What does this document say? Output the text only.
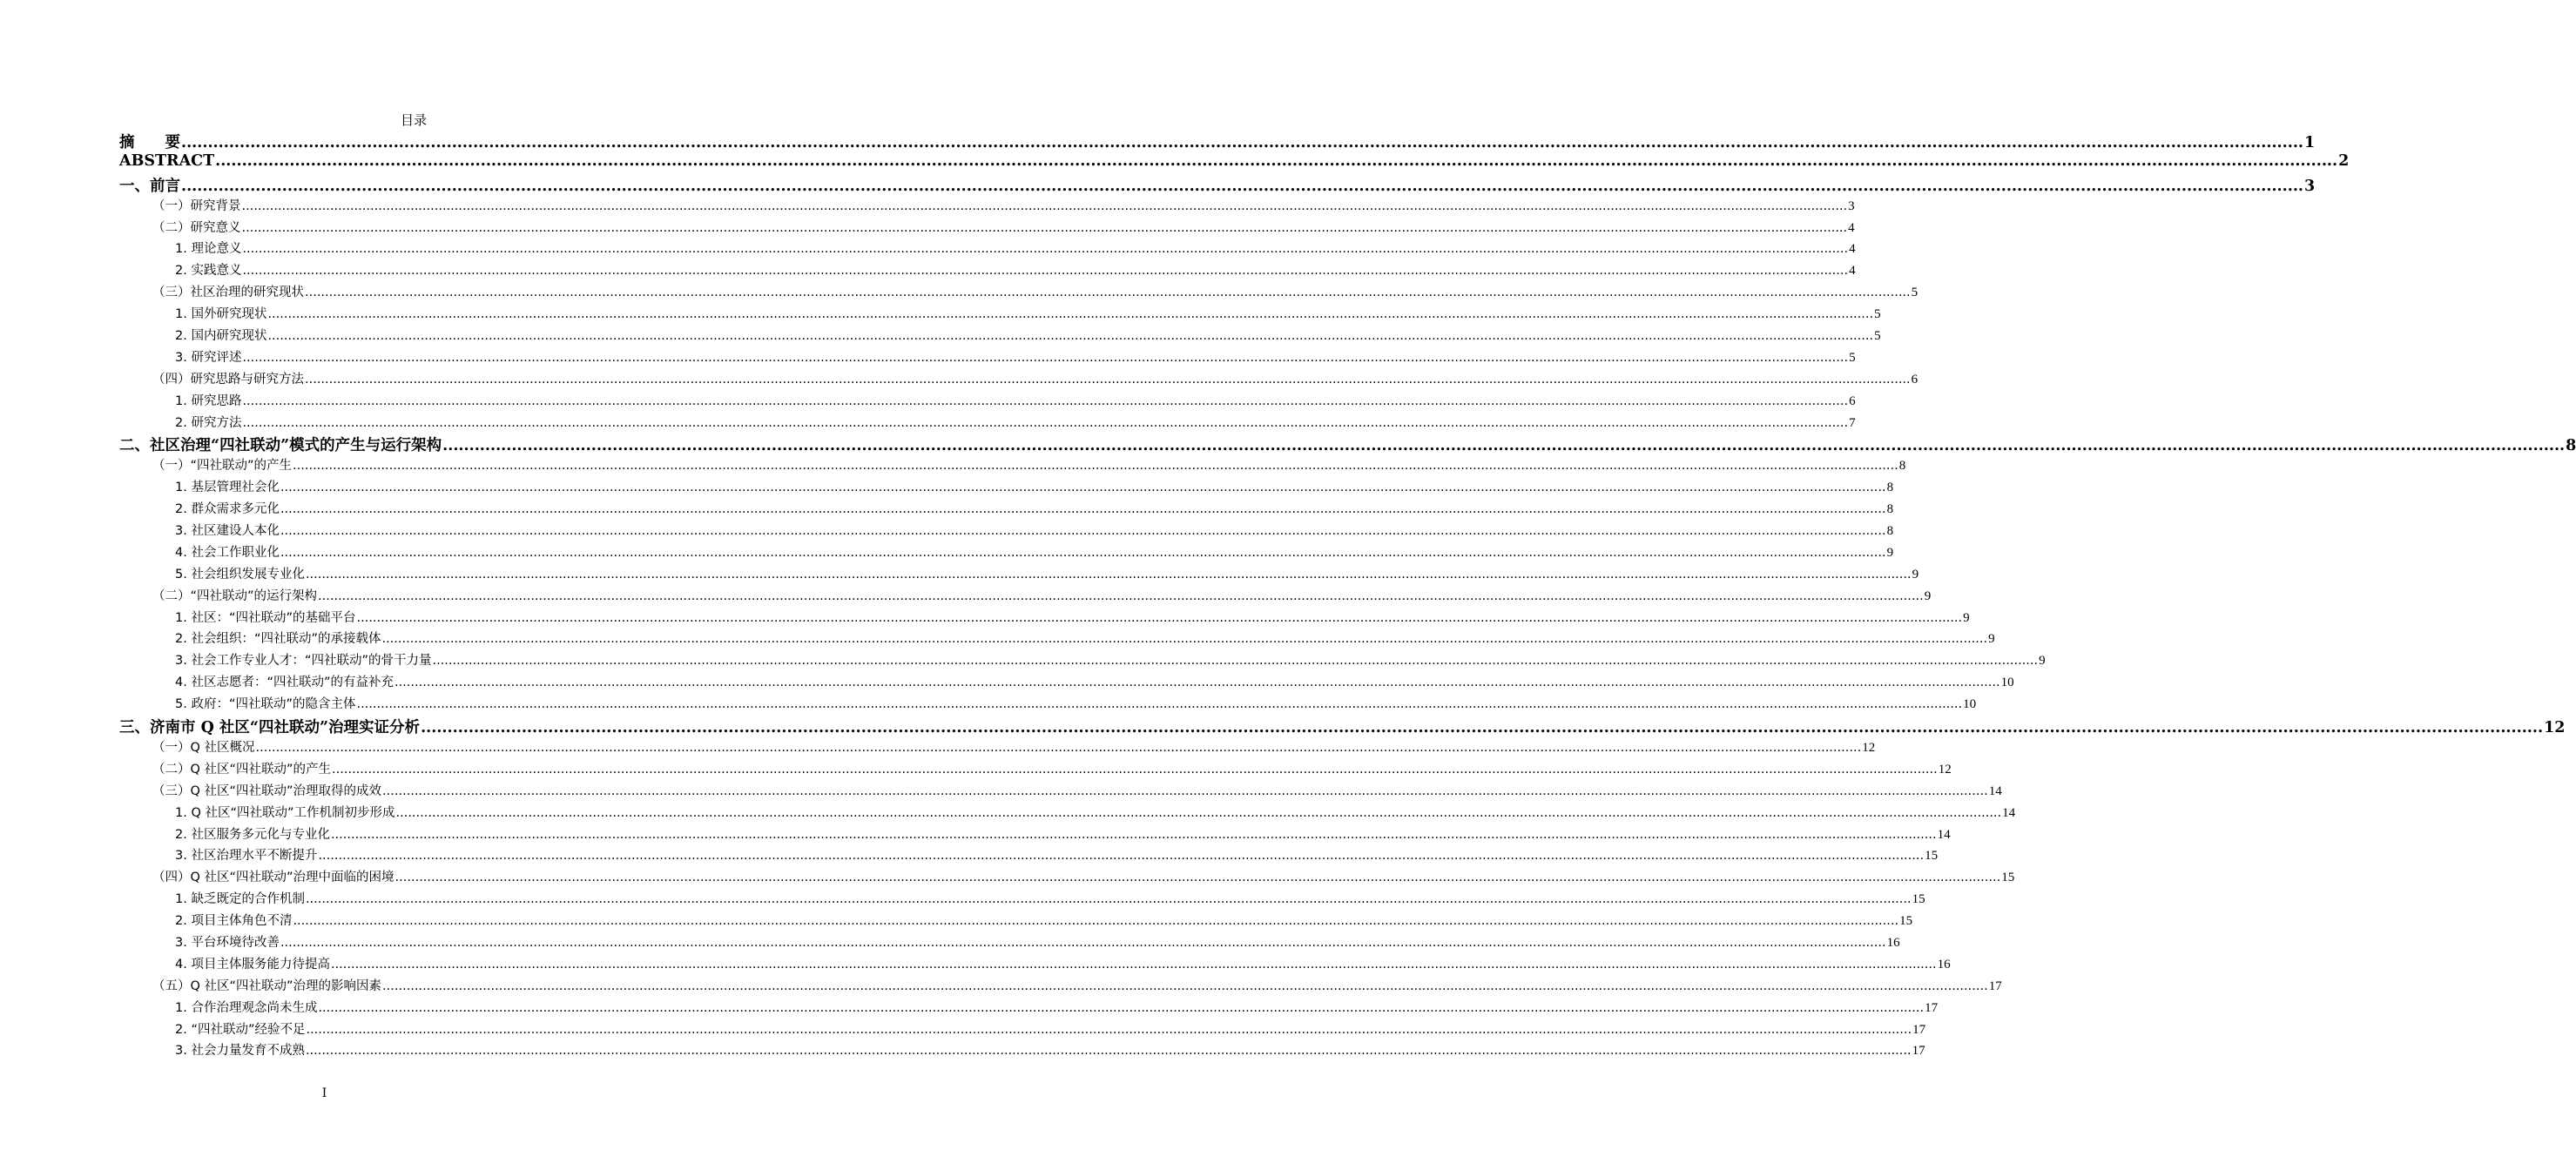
目录
摘　　要 ................................................................................................................................................................................................................................................................................................................................................................................................................ 1
ABSTRACT ................................................................................................................................................................................................................................................................................................................................................................................................................ 2
一、前言 ................................................................................................................................................................................................................................................................................................................................................................................................................ 3
（一）研究背景 ................................................................................................................................................................................................................................................................................................................................................................................................................ 3
（二）研究意义 ................................................................................................................................................................................................................................................................................................................................................................................................................ 4
1. 理论意义 ................................................................................................................................................................................................................................................................................................................................................................................................................ 4
2. 实践意义 ................................................................................................................................................................................................................................................................................................................................................................................................................ 4
（三）社区治理的研究现状 ................................................................................................................................................................................................................................................................................................................................................................................................................ 5
1. 国外研究现状 ................................................................................................................................................................................................................................................................................................................................................................................................................ 5
2. 国内研究现状 ................................................................................................................................................................................................................................................................................................................................................................................................................ 5
3. 研究评述 ................................................................................................................................................................................................................................................................................................................................................................................................................ 5
（四）研究思路与研究方法 ................................................................................................................................................................................................................................................................................................................................................................................................................ 6
1. 研究思路 ................................................................................................................................................................................................................................................................................................................................................................................................................ 6
2. 研究方法 ................................................................................................................................................................................................................................................................................................................................................................................................................ 7
二、社区治理“四社联动”模式的产生与运行架构 ................................................................................................................................................................................................................................................................................................................................................................................................................ 8
（一）“四社联动”的产生 ................................................................................................................................................................................................................................................................................................................................................................................................................ 8
1. 基层管理社会化 ................................................................................................................................................................................................................................................................................................................................................................................................................ 8
2. 群众需求多元化 ................................................................................................................................................................................................................................................................................................................................................................................................................ 8
3. 社区建设人本化 ................................................................................................................................................................................................................................................................................................................................................................................................................ 8
4. 社会工作职业化 ................................................................................................................................................................................................................................................................................................................................................................................................................ 9
5. 社会组织发展专业化 ................................................................................................................................................................................................................................................................................................................................................................................................................ 9
（二）“四社联动”的运行架构 ................................................................................................................................................................................................................................................................................................................................................................................................................ 9
1. 社区：“四社联动”的基础平台 ................................................................................................................................................................................................................................................................................................................................................................................................................ 9
2. 社会组织：“四社联动”的承接载体 ................................................................................................................................................................................................................................................................................................................................................................................................................ 9
3. 社会工作专业人才：“四社联动”的骨干力量 ................................................................................................................................................................................................................................................................................................................................................................................................................ 9
4. 社区志愿者：“四社联动”的有益补充 ................................................................................................................................................................................................................................................................................................................................................................................................................ 10
5. 政府：“四社联动”的隐含主体 ................................................................................................................................................................................................................................................................................................................................................................................................................ 10
三、济南市 Q 社区“四社联动”治理实证分析 ................................................................................................................................................................................................................................................................................................................................................................................................................ 12
（一）Q 社区概况 ................................................................................................................................................................................................................................................................................................................................................................................................................ 12
（二）Q 社区“四社联动”的产生 ................................................................................................................................................................................................................................................................................................................................................................................................................ 12
（三）Q 社区“四社联动”治理取得的成效 ................................................................................................................................................................................................................................................................................................................................................................................................................ 14
1. Q 社区“四社联动”工作机制初步形成 ................................................................................................................................................................................................................................................................................................................................................................................................................ 14
2. 社区服务多元化与专业化 ................................................................................................................................................................................................................................................................................................................................................................................................................ 14
3. 社区治理水平不断提升 ................................................................................................................................................................................................................................................................................................................................................................................................................ 15
（四）Q 社区“四社联动”治理中面临的困境 ................................................................................................................................................................................................................................................................................................................................................................................................................ 15
1. 缺乏既定的合作机制 ................................................................................................................................................................................................................................................................................................................................................................................................................ 15
2. 项目主体角色不清 ................................................................................................................................................................................................................................................................................................................................................................................................................ 15
3. 平台环境待改善 ................................................................................................................................................................................................................................................................................................................................................................................................................ 16
4. 项目主体服务能力待提高 ................................................................................................................................................................................................................................................................................................................................................................................................................ 16
（五）Q 社区“四社联动”治理的影响因素 ................................................................................................................................................................................................................................................................................................................................................................................................................ 17
1. 合作治理观念尚未生成 ................................................................................................................................................................................................................................................................................................................................................................................................................ 17
2. “四社联动”经验不足 ................................................................................................................................................................................................................................................................................................................................................................................................................ 17
3. 社会力量发育不成熟 ................................................................................................................................................................................................................................................................................................................................................................................................................ 17
I
